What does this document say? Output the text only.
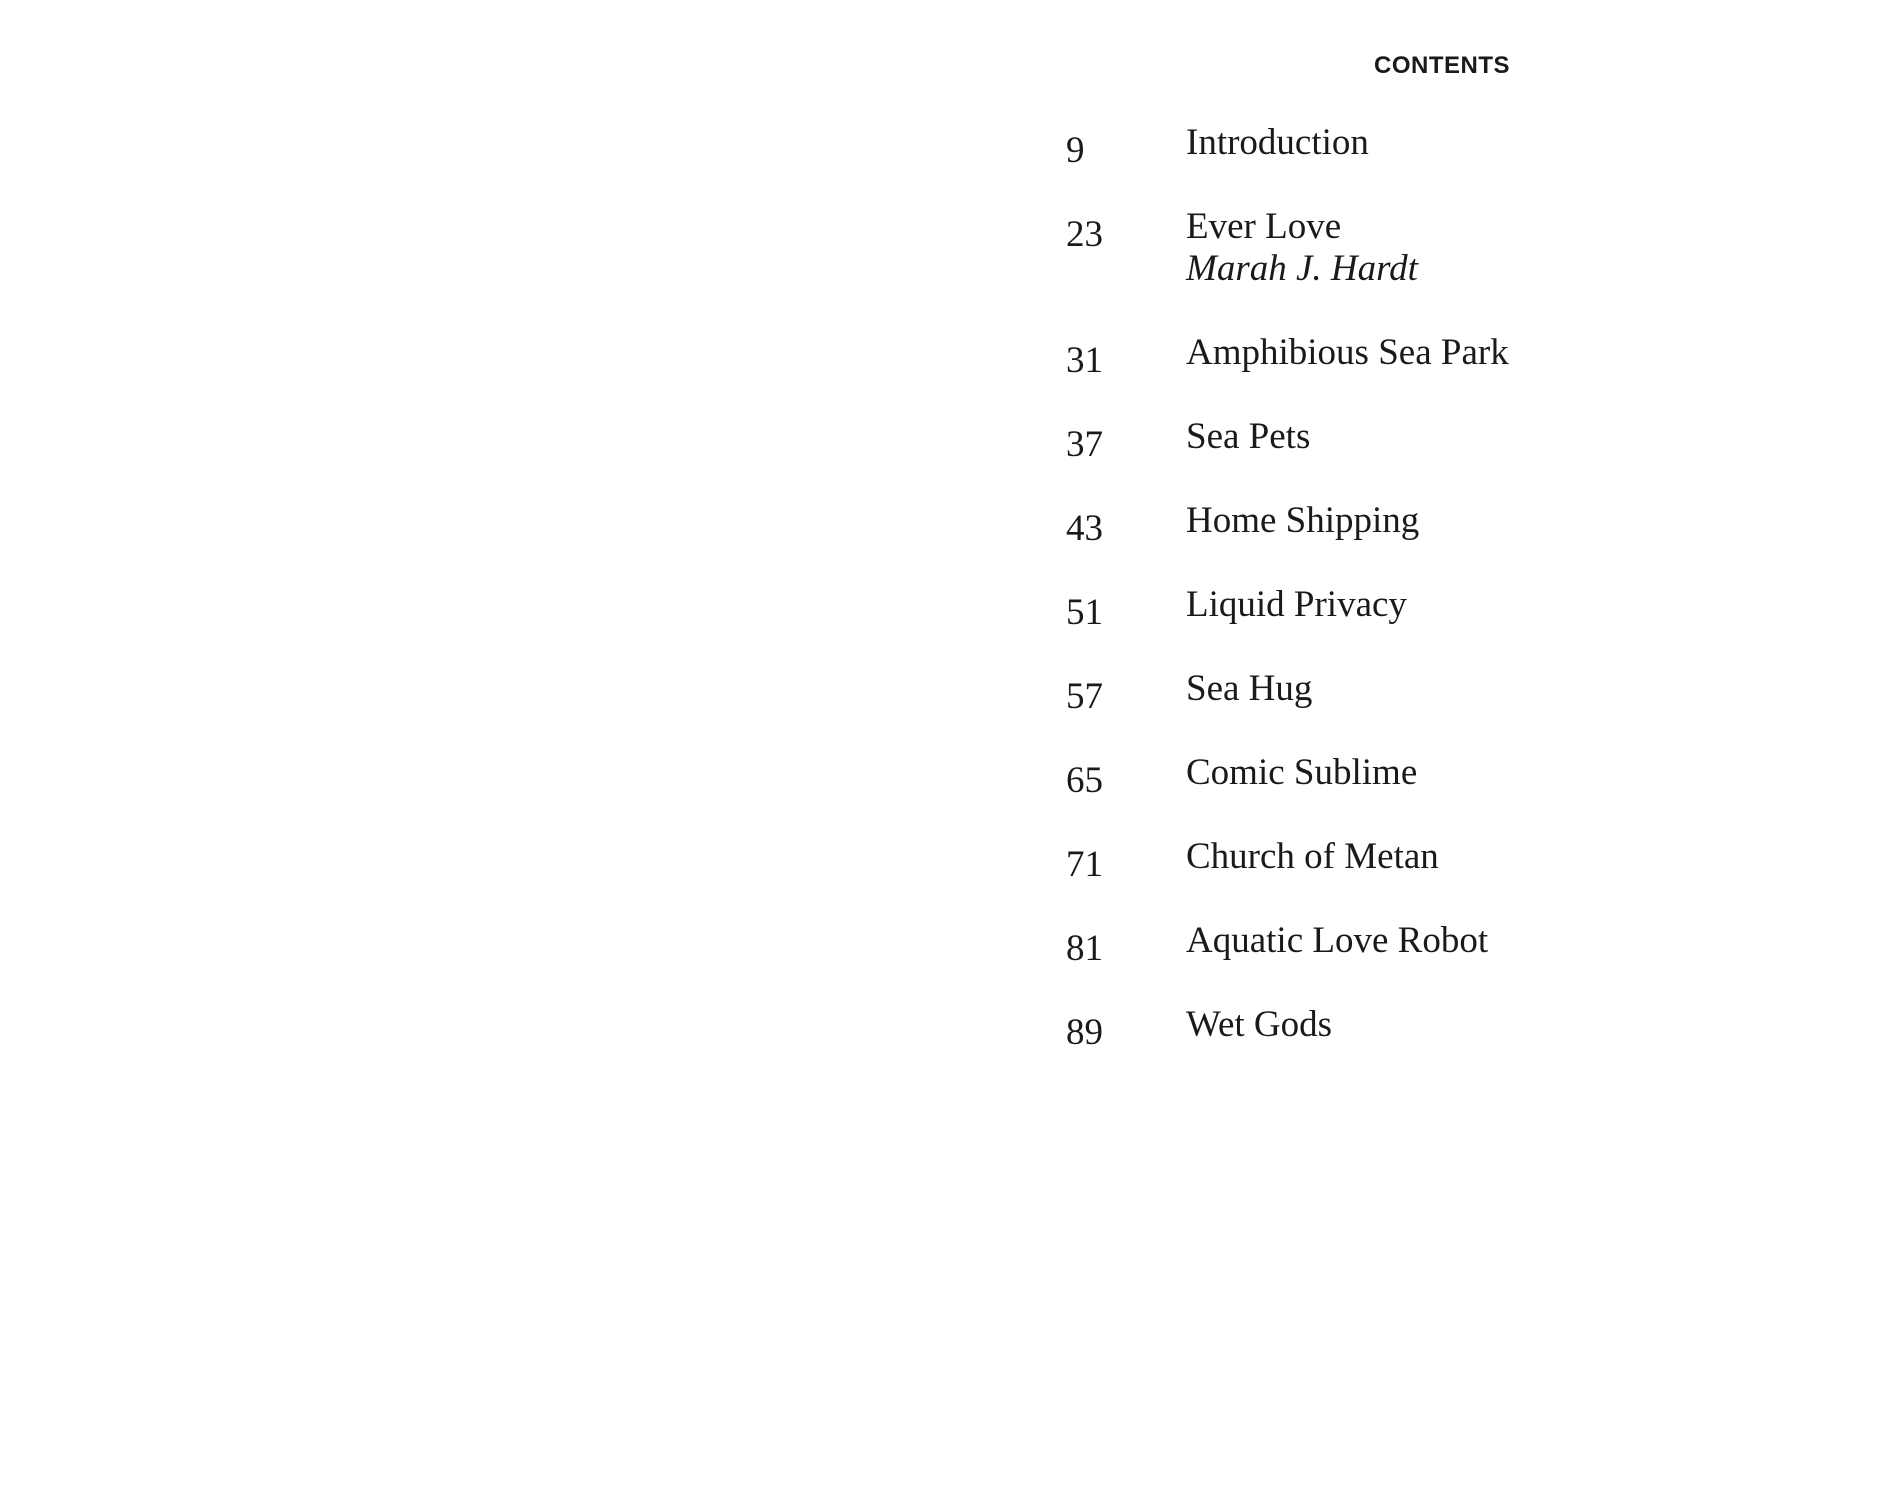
CONTENTS
9	Introduction
23	Ever Love
Marah J. Hardt
31	Amphibious Sea Park
37	Sea Pets
43	Home Shipping
51	Liquid Privacy
57	Sea Hug
65	Comic Sublime
71	Church of Metan
81	Aquatic Love Robot
89	Wet Gods
